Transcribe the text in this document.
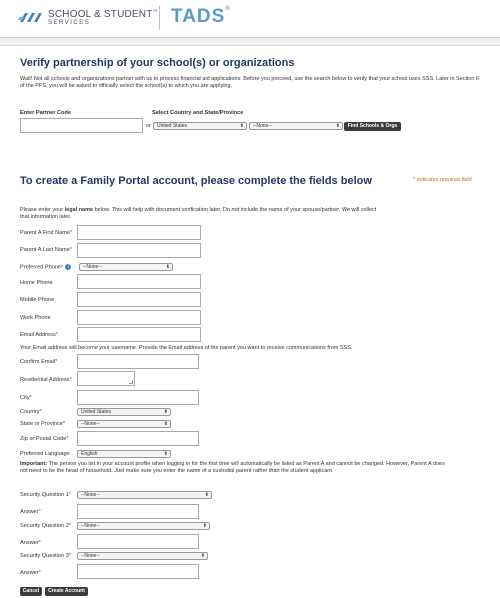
SCHOOL & STUDENT™
SERVICES	TADS®
Verify partnership of your school(s) or organizations
Wait! Not all schools and organizations partner with us to process financial aid applications. Before you proceed, use the search below to verify that your school uses SSS. Later in Section 6 of the PFS, you will be asked to officially select the school(s) to which you are applying.
Enter Partner Code	Select Country and State/Province
or	United States	⬍	--None--	⬍	Find Schools & Orgs
To create a Family Portal account, please complete the fields below	* indicates required field
Please enter your legal name below. This will help with document verification later. Do not include the name of your spouse/partner. We will collect that information later.
Parent A First Name*
Parent A Last Name*
Preferred Phone* i	--None--	⬍
Home Phone
Mobile Phone
Work Phone
Email Address*
Your Email address will become your username. Provide the Email address of the parent you want to receive communications from SSS.
Confirm Email*
Residential Address*
City*
Country*	United States	⬍
State or Province*	--None--	⬍
Zip or Postal Code*
Preferred Language	English	⬍
Important: The person you list in your account profile when logging in for the first time will automatically be listed as Parent A and cannot be changed. However, Parent A does not need to be the head of household. Just make sure you enter the name of a custodial parent rather than the student applicant.
Security Question 1*	--None--	⬍
Answer*
Security Question 2*	--None--	⬍
Answer*
Security Question 3*	--None--	⬍
Answer*
Cancel	Create Account
